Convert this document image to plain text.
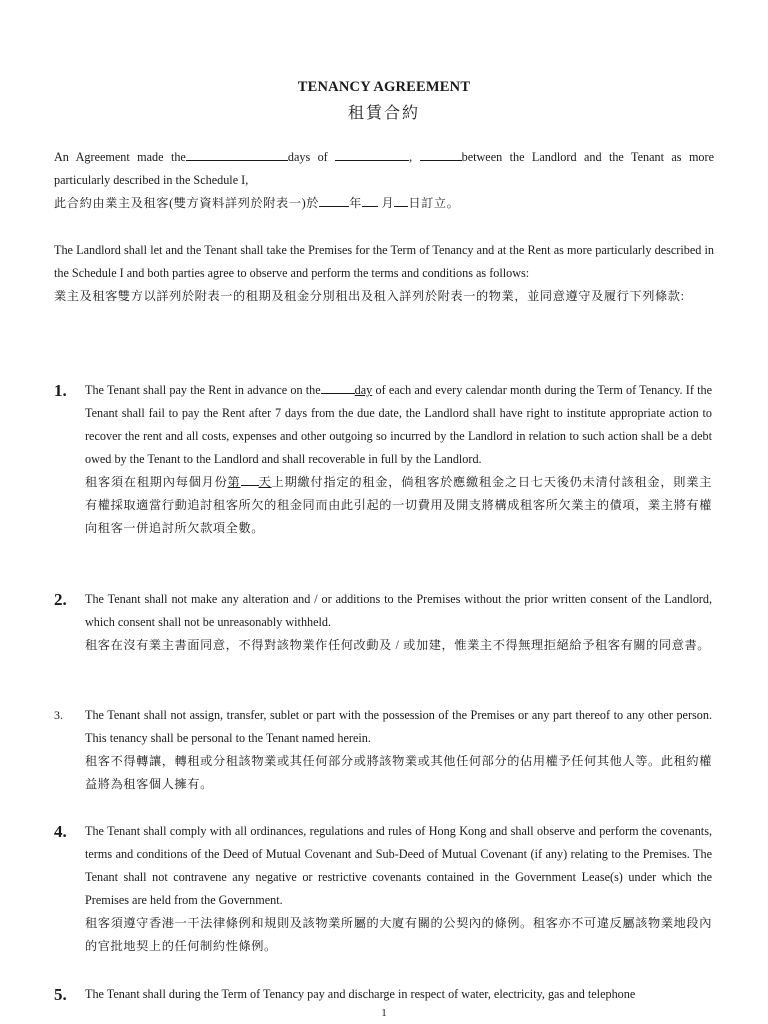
TENANCY AGREEMENT
租賃合約
An Agreement made the	days of	,	between the Landlord and the Tenant as more particularly described in the Schedule I,
此合約由業主及租客(雙方資料詳列於附表一)於 年 月 日訂立。
The Landlord shall let and the Tenant shall take the Premises for the Term of Tenancy and at the Rent as more particularly described in the Schedule I and both parties agree to observe and perform the terms and conditions as follows:
業主及租客雙方以詳列於附表一的租期及租金分別租出及租入詳列於附表一的物業，並同意遵守及履行下列條款:
1. The Tenant shall pay the Rent in advance on the	day of each and every calendar month during the Term of Tenancy. If the Tenant shall fail to pay the Rent after 7 days from the due date, the Landlord shall have right to institute appropriate action to recover the rent and all costs, expenses and other outgoing so incurred by the Landlord in relation to such action shall be a debt owed by the Tenant to the Landlord and shall recoverable in full by the Landlord.
租客須在租期內每個月份第 天上期繳付指定的租金，倘租客於應繳租金之日七天後仍未清付該租金，則業主有權採取適當行動追討租客所欠的租金同而由此引起的一切費用及開支將構成租客所欠業主的債項，業主將有權向租客一併追討所欠款項全數。
2. The Tenant shall not make any alteration and / or additions to the Premises without the prior written consent of the Landlord, which consent shall not be unreasonably withheld.
租客在沒有業主書面同意，不得對該物業作任何改動及 / 或加建，惟業主不得無理拒絕給予租客有關的同意書。
3. The Tenant shall not assign, transfer, sublet or part with the possession of the Premises or any part thereof to any other person. This tenancy shall be personal to the Tenant named herein.
租客不得轉讓，轉租或分租該物業或其任何部分或將該物業或其他任何部分的佔用權予任何其他人等。此租約權益將為租客個人擁有。
4. The Tenant shall comply with all ordinances, regulations and rules of Hong Kong and shall observe and perform the covenants, terms and conditions of the Deed of Mutual Covenant and Sub-Deed of Mutual Covenant (if any) relating to the Premises. The Tenant shall not contravene any negative or restrictive covenants contained in the Government Lease(s) under which the Premises are held from the Government.
租客須遵守香港一干法律條例和規則及該物業所屬的大廈有關的公契內的條例。租客亦不可違反屬該物業地段內的官批地契上的任何制約性條例。
5. The Tenant shall during the Term of Tenancy pay and discharge in respect of water, electricity, gas and telephone
1
